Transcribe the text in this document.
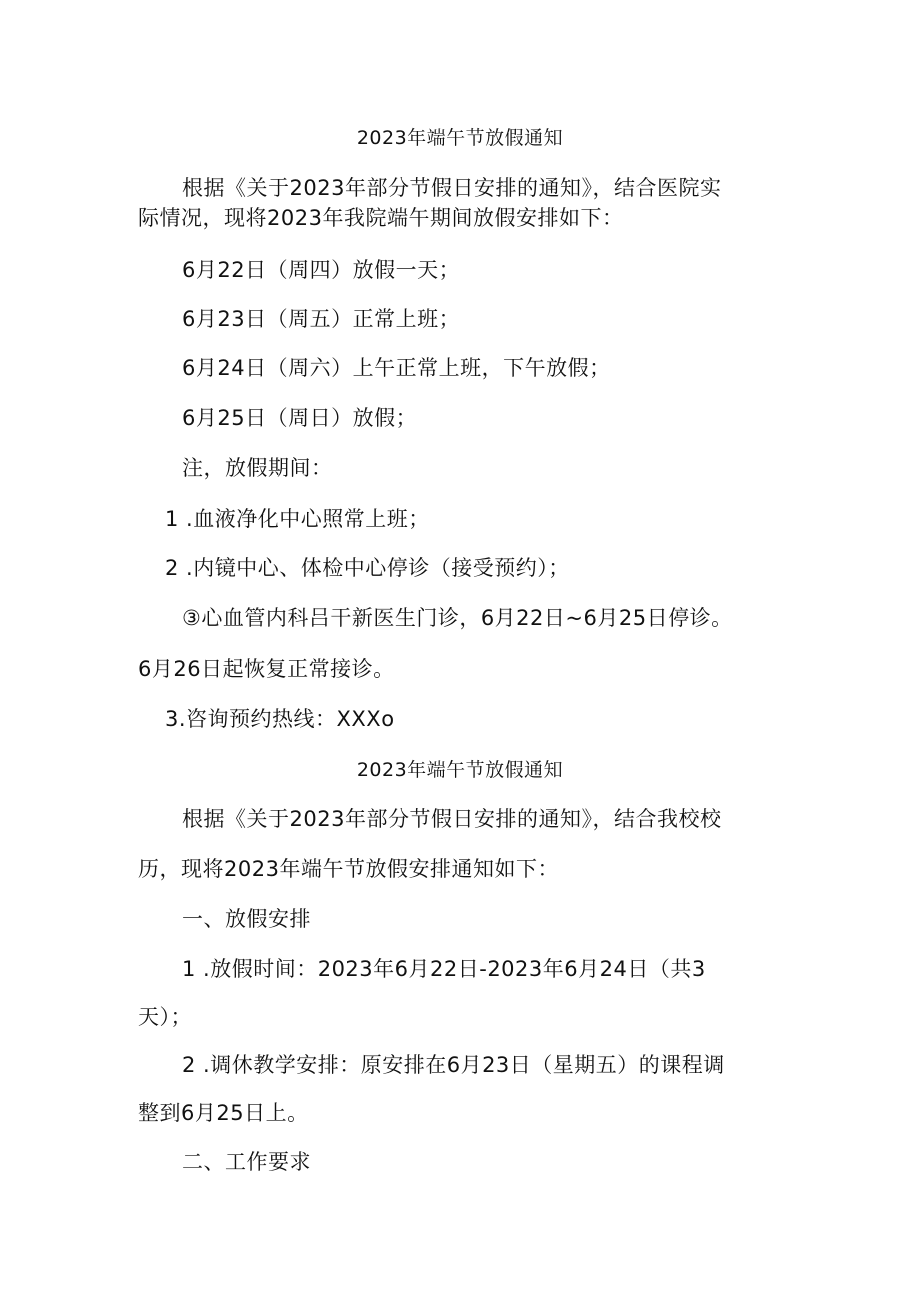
2023年端午节放假通知
根据《关于2023年部分节假日安排的通知》，结合医院实
际情况，现将2023年我院端午期间放假安排如下：
6月22日（周四）放假一天；
6月23日（周五）正常上班；
6月24日（周六）上午正常上班，下午放假；
6月25日（周日）放假；
注，放假期间：
1 .血液净化中心照常上班；
2 .内镜中心、体检中心停诊（接受预约）；
③心血管内科吕干新医生门诊，6月22日~6月25日停诊。
6月26日起恢复正常接诊。
3.咨询预约热线：XXXo
2023年端午节放假通知
根据《关于2023年部分节假日安排的通知》，结合我校校
历，现将2023年端午节放假安排通知如下：
一、放假安排
1 .放假时间：2023年6月22日-2023年6月24日（共3
天）；
2 .调休教学安排：原安排在6月23日（星期五）的课程调
整到6月25日上。
二、工作要求
